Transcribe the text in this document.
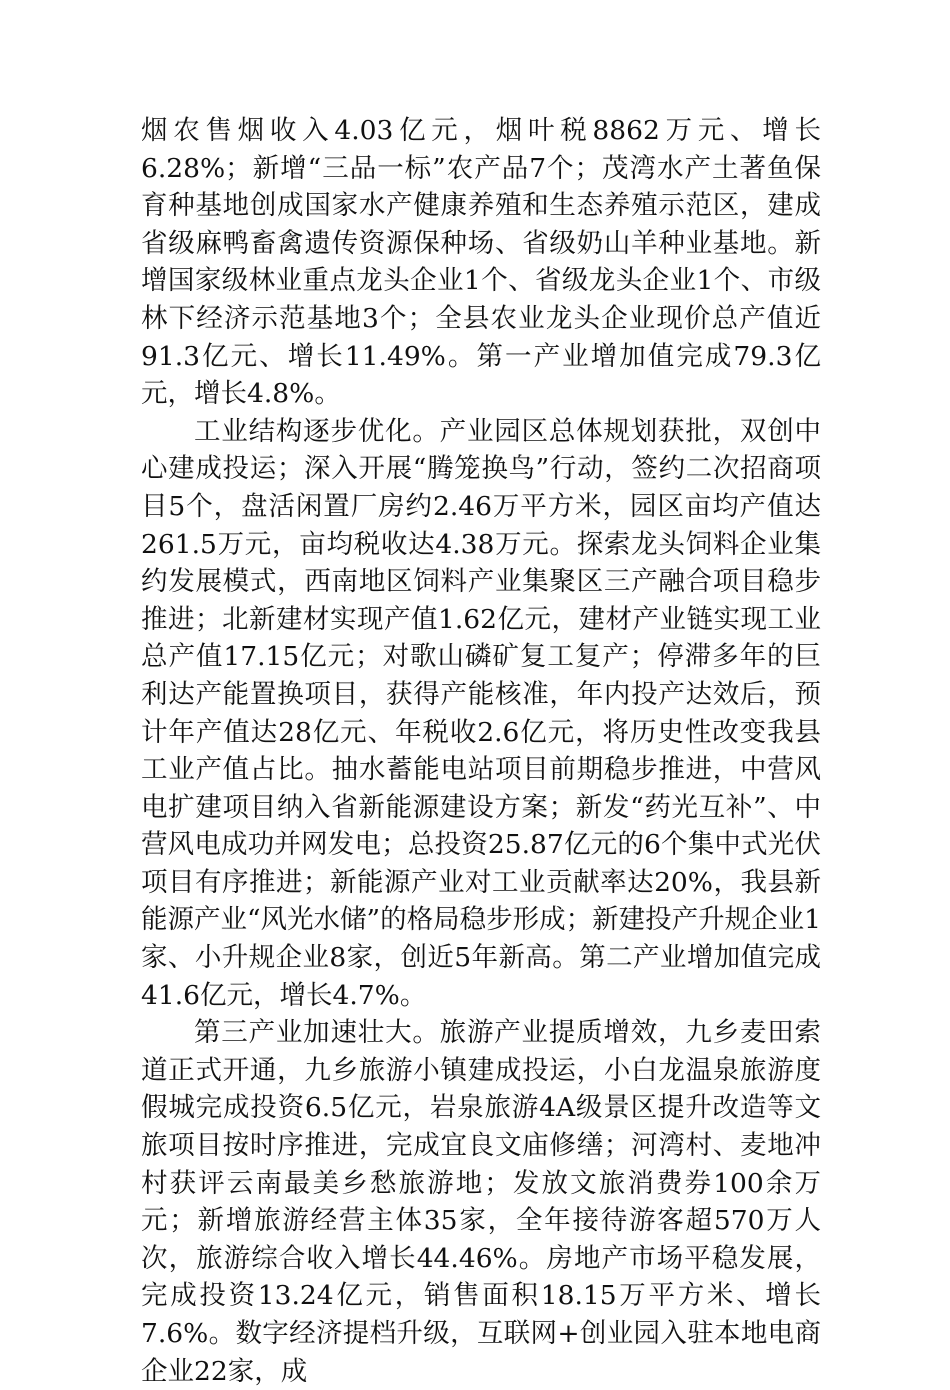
烟农售烟收入4.03亿元，烟叶税8862万元、增长6.28%；新增“三品一标”农产品7个；茂湾水产土著鱼保育种基地创成国家水产健康养殖和生态养殖示范区，建成省级麻鸭畜禽遗传资源保种场、省级奶山羊种业基地。新增国家级林业重点龙头企业1个、省级龙头企业1个、市级林下经济示范基地3个；全县农业龙头企业现价总产值近91.3亿元、增长11.49%。第一产业增加值完成79.3亿元，增长4.8%。

工业结构逐步优化。产业园区总体规划获批，双创中心建成投运；深入开展“腾笼换鸟”行动，签约二次招商项目5个，盘活闲置厂房约2.46万平方米，园区亩均产值达261.5万元，亩均税收达4.38万元。探索龙头饲料企业集约发展模式，西南地区饲料产业集聚区三产融合项目稳步推进；北新建材实现产值1.62亿元，建材产业链实现工业总产值17.15亿元；对歌山磷矿复工复产；停滞多年的巨利达产能置换项目，获得产能核准，年内投产达效后，预计年产值达28亿元、年税收2.6亿元，将历史性改变我县工业产值占比。抽水蓄能电站项目前期稳步推进，中营风电扩建项目纳入省新能源建设方案；新发“药光互补”、中营风电成功并网发电；总投资25.87亿元的6个集中式光伏项目有序推进；新能源产业对工业贡献率达20%，我县新能源产业“风光水储”的格局稳步形成；新建投产升规企业1家、小升规企业8家，创近5年新高。第二产业增加值完成41.6亿元，增长4.7%。

第三产业加速壮大。旅游产业提质增效，九乡麦田索道正式开通，九乡旅游小镇建成投运，小白龙温泉旅游度假城完成投资6.5亿元，岩泉旅游4A级景区提升改造等文旅项目按时序推进，完成宜良文庙修缮；河湾村、麦地冲村获评云南最美乡愁旅游地；发放文旅消费券100余万元；新增旅游经营主体35家，全年接待游客超570万人次，旅游综合收入增长44.46%。房地产市场平稳发展，完成投资13.24亿元，销售面积18.15万平方米、增长7.6%。数字经济提档升级，互联网+创业园入驻本地电商企业22家，成
